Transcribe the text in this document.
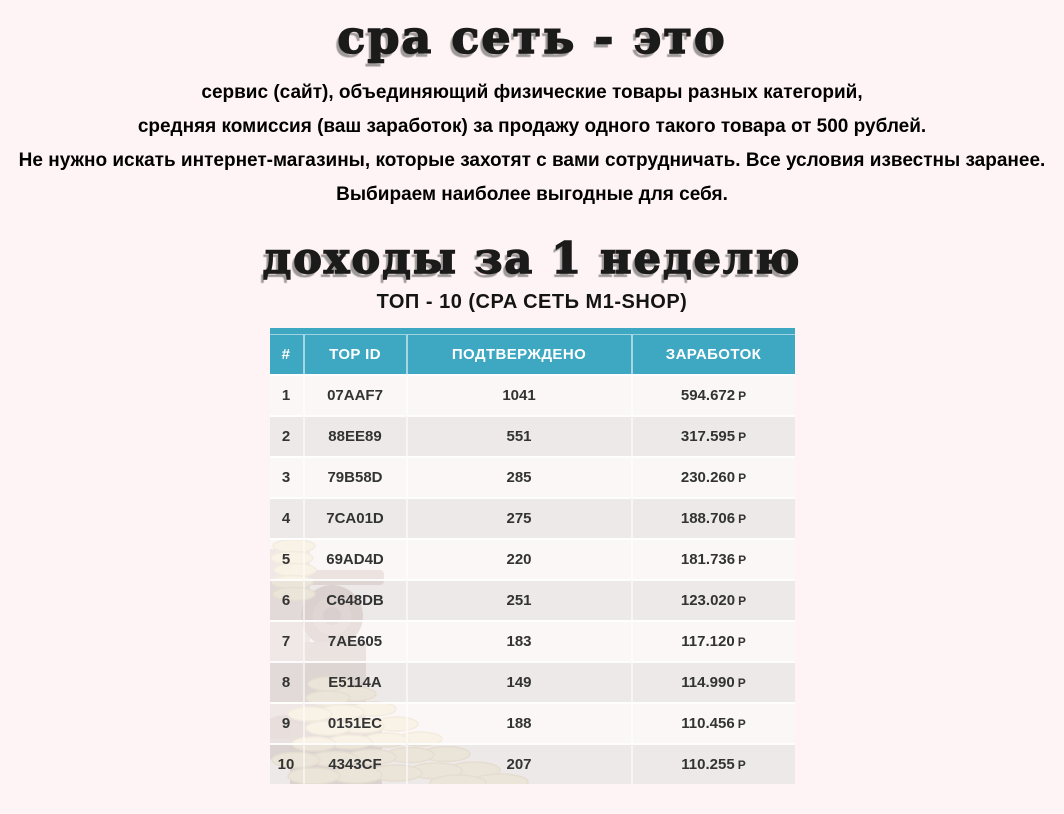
cpa сеть - это

сервис (сайт), объединяющий физические товары разных категорий,

средняя комиссия (ваш заработок) за продажу одного такого товара от 500 рублей.

Не нужно искать интернет-магазины, которые захотят с вами сотрудничать. Все условия известны заранее. Выбираем наиболее выгодные для себя.

доходы за 1 неделю
ТОП - 10 (CPA СЕТЬ M1-SHOP)
#	TOP ID	ПОДТВЕРЖДЕНО	ЗАРАБОТОК
1	07AAF7	1041	594.672 Р
2	88EE89	551	317.595 Р
3	79B58D	285	230.260 Р
4	7CA01D	275	188.706 Р
5	69AD4D	220	181.736 Р
6	C648DB	251	123.020 Р
7	7AE605	183	117.120 Р
8	E5114A	149	114.990 Р
9	0151EC	188	110.456 Р
10	4343CF	207	110.255 Р
